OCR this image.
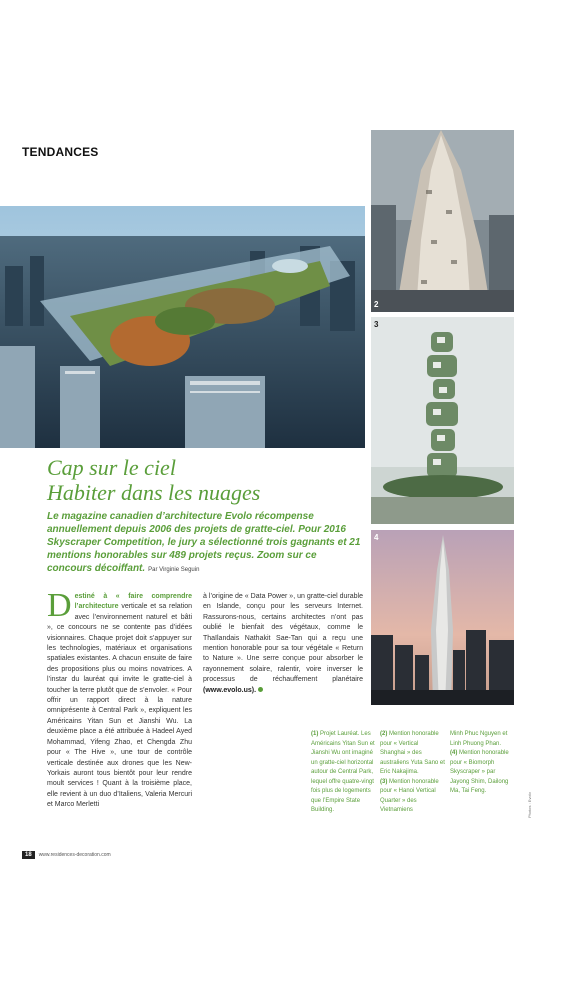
TENDANCES
2
3
4
Cap sur le ciel
Habiter dans les nuages
Le magazine canadien d’architecture Evolo récompense annuellement depuis 2006 des projets de gratte-ciel. Pour 2016 Skyscraper Competition, le jury a sélectionné trois gagnants et 21 mentions honorables sur 489 projets reçus. Zoom sur ce concours décoiffant. Par Virginie Seguin
Destiné à « faire comprendre l’architecture verticale et sa relation avec l’environnement naturel et bâti », ce concours ne se contente pas d’idées visionnaires. Chaque projet doit s’appuyer sur les technologies, matériaux et organisations spatiales existantes. A chacun ensuite de faire des propositions plus ou moins novatrices. A l’instar du lauréat qui invite le gratte-ciel à toucher la terre plutôt que de s’envoler. « Pour offrir un rapport direct à la nature omniprésente à Central Park », expliquent les Américains Yitan Sun et Jianshi Wu. La deuxième place a été attribuée à Hadeel Ayed Mohammad, Yifeng Zhao, et Chengda Zhu pour « The Hive », une tour de contrôle verticale destinée aux drones que les New-Yorkais auront tous bientôt pour leur rendre moult services ! Quant à la troisième place, elle revient à un duo d’Italiens, Valeria Mercuri et Marco Merletti
à l’origine de « Data Power », un gratte-ciel durable en Islande, conçu pour les serveurs Internet. Rassurons-nous, certains architectes n’ont pas oublié le bienfait des végétaux, comme le Thaïlandais Nathakit Sae-Tan qui a reçu une mention honorable pour sa tour végétale « Return to Nature ». Une serre conçue pour absorber le rayonnement solaire, ralentir, voire inverser le processus de réchauffement planétaire (www.evolo.us).
(1) Projet Lauréat. Les Américains Yitan Sun et Jianshi Wu ont imaginé un gratte-ciel horizontal autour de Central Park, lequel offre quatre-vingt fois plus de logements que l’Empire State Building.
(2) Mention honorable pour « Vertical Shanghai » des australiens Yuta Sano et Eric Nakajima.
(3) Mention honorable pour « Hanoi Vertical Quarter » des Vietnamiens
Minh Phuc Nguyen et Linh Phuong Phan.
(4) Mention honorable pour « Biomorph Skyscraper » par Jayong Shim, Dailong Ma, Tai Feng.
Photos : Evolo
18	www.residences-decoration.com
